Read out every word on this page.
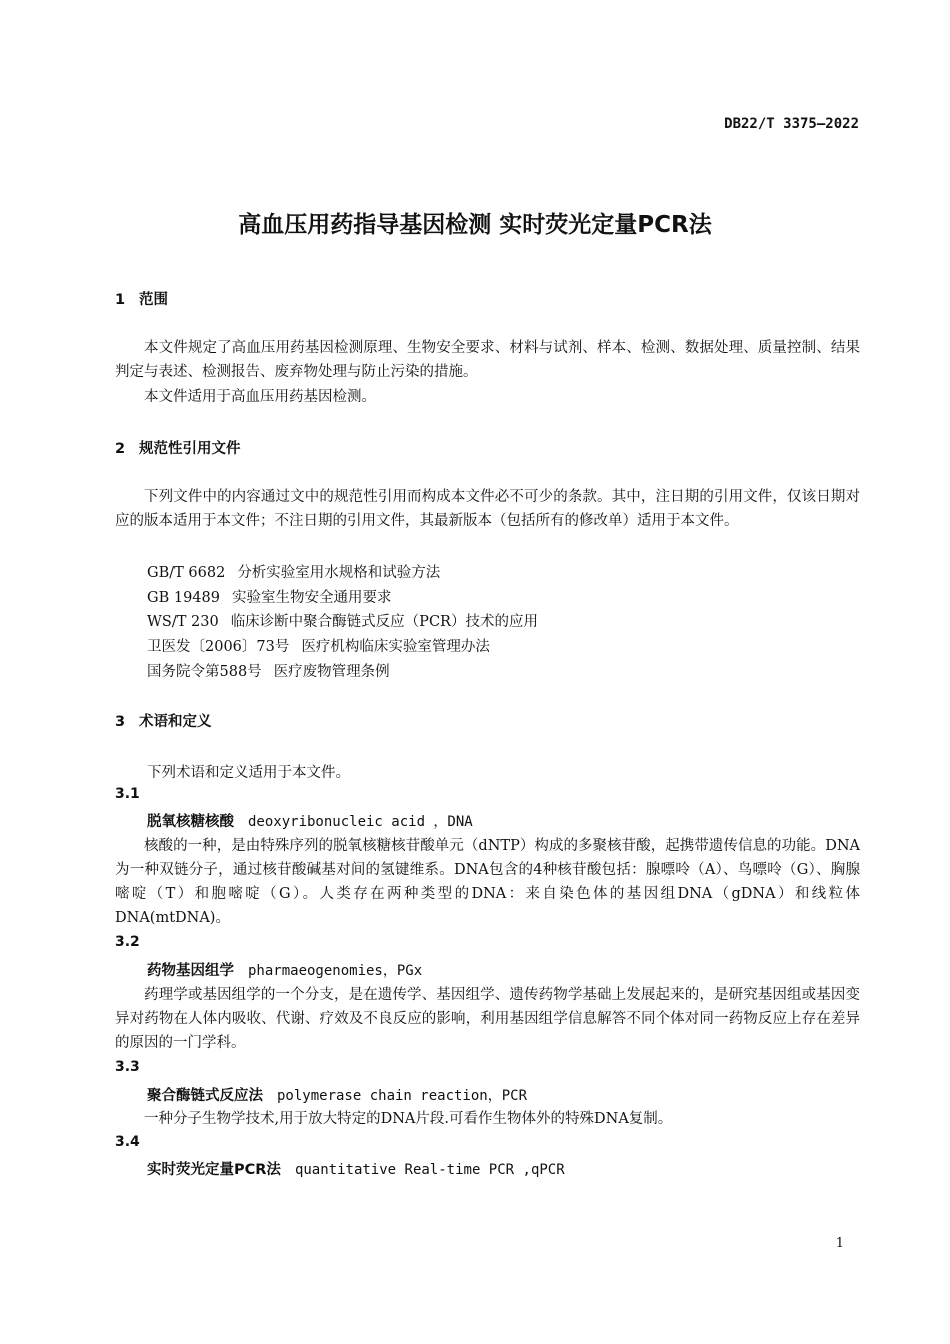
DB22/T 3375—2022
高血压用药指导基因检测 实时荧光定量PCR法
1 范围
本文件规定了高血压用药基因检测原理、生物安全要求、材料与试剂、样本、检测、数据处理、质量控制、结果判定与表述、检测报告、废弃物处理与防止污染的措施。
本文件适用于高血压用药基因检测。
2 规范性引用文件
下列文件中的内容通过文中的规范性引用而构成本文件必不可少的条款。其中，注日期的引用文件，仅该日期对应的版本适用于本文件；不注日期的引用文件，其最新版本（包括所有的修改单）适用于本文件。
GB/T 6682 分析实验室用水规格和试验方法
GB 19489 实验室生物安全通用要求
WS/T 230 临床诊断中聚合酶链式反应（PCR）技术的应用
卫医发〔2006〕73号 医疗机构临床实验室管理办法
国务院令第588号 医疗废物管理条例
3 术语和定义
下列术语和定义适用于本文件。
3.1
脱氧核糖核酸 deoxyribonucleic acid ，DNA
核酸的一种，是由特殊序列的脱氧核糖核苷酸单元（dNTP）构成的多聚核苷酸，起携带遗传信息的功能。DNA为一种双链分子，通过核苷酸碱基对间的氢键维系。DNA包含的4种核苷酸包括：腺嘌呤（A）、鸟嘌呤（G）、胸腺嘧啶（T）和胞嘧啶（G）。人类存在两种类型的DNA：来自染色体的基因组DNA（gDNA）和线粒体DNA(mtDNA)。
3.2
药物基因组学 pharmaeogenomies，PGx
药理学或基因组学的一个分支，是在遗传学、基因组学、遗传药物学基础上发展起来的，是研究基因组或基因变异对药物在人体内吸收、代谢、疗效及不良反应的影响，利用基因组学信息解答不同个体对同一药物反应上存在差异的原因的一门学科。
3.3
聚合酶链式反应法 polymerase chain reaction，PCR
一种分子生物学技术,用于放大特定的DNA片段.可看作生物体外的特殊DNA复制。
3.4
实时荧光定量PCR法 quantitative Real-time PCR ,qPCR
1
